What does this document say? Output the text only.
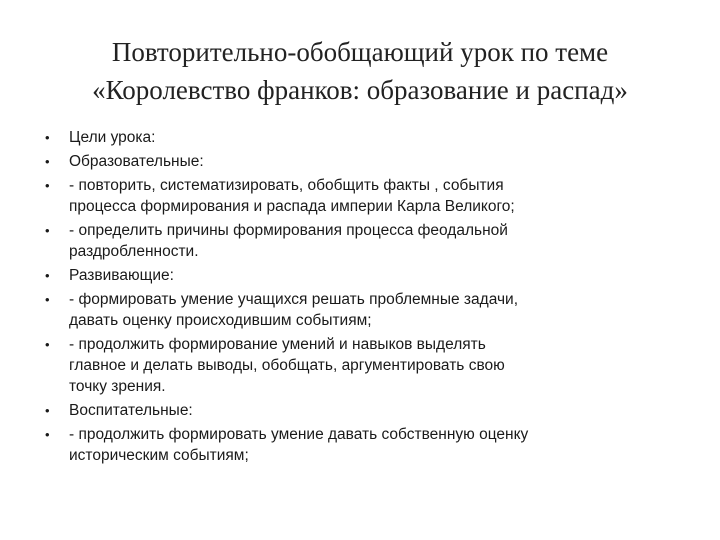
Повторительно-обобщающий урок по теме
«Королевство франков: образование и распад»
• Цели урока:
• Образовательные:
• - повторить, систематизировать, обобщить факты , события
процесса формирования и распада империи Карла Великого;
• - определить причины формирования процесса феодальной
раздробленности.
• Развивающие:
• - формировать умение учащихся решать проблемные задачи,
давать оценку происходившим событиям;
• - продолжить формирование умений и навыков выделять
главное и делать выводы, обобщать, аргументировать свою
точку зрения.
• Воспитательные:
• - продолжить формировать умение давать собственную оценку
историческим событиям;
